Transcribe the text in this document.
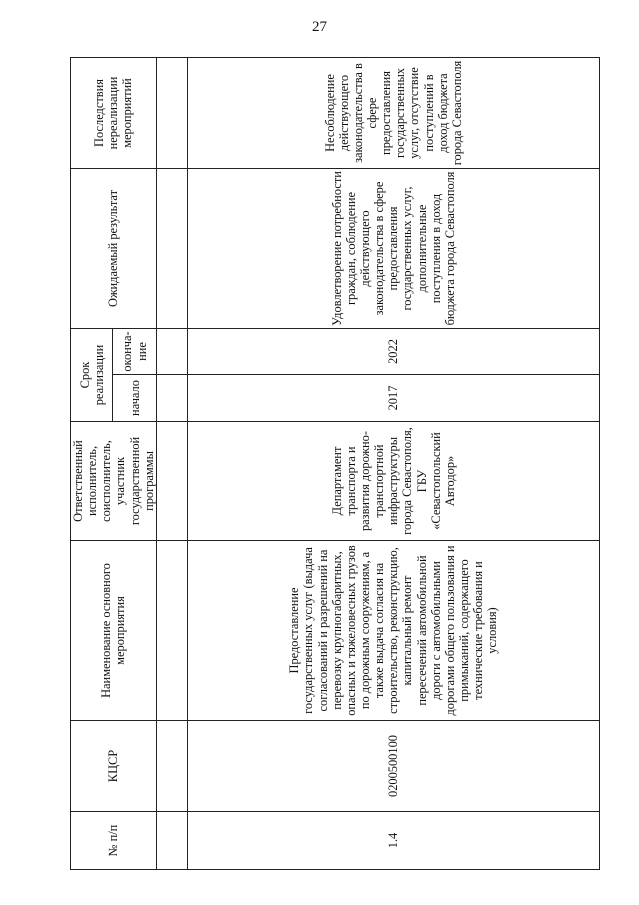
27
№ п/п	КЦСР	Наименование основного мероприятия	Ответственный исполнитель, соисполнитель, участник государственной программы	Срок реализации		Ожидаемый результат	Последствия нереализации мероприятий
				начало	оконча-ние		

1.4	0200500100	Предоставление государственных услуг (выдача согласований и разрешений на перевозку крупногабаритных, опасных и тяжеловесных грузов по дорожным сооружениям, а также выдача согласия на строительство, реконструкцию, капитальный ремонт пересечений автомобильной дороги с автомобильными дорогами общего пользования и примыканий, содержащего технические требования и условия)	Департамент транспорта и развития дорожно-транспортной инфраструктуры города Севастополя, ГБУ «Севастопольский Автодор»	2017	2022	Удовлетворение потребности граждан, соблюдение действующего законодательства в сфере предоставления государственных услуг, дополнительные поступления в доход бюджета города Севастополя	Несоблюдение действующего законодательства в сфере предоставления государственных услуг, отсутствие поступлений в доход бюджета города Севастополя
